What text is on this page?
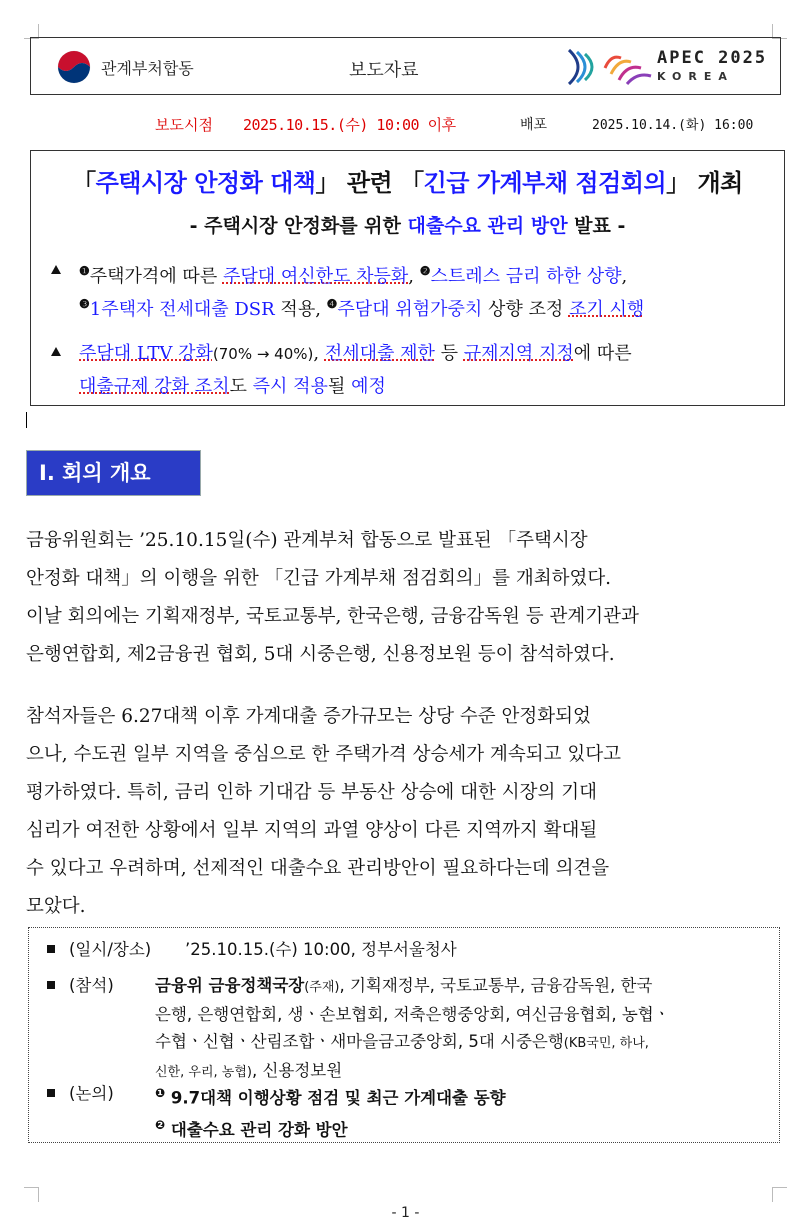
관계부처합동	보도자료
APEC 2025
KOREA
보도시점 2025.10.15.(수) 10:00 이후	배포	2025.10.14.(화) 16:00
「주택시장 안정화 대책」 관련 「긴급 가계부채 점검회의」 개최
- 주택시장 안정화를 위한 대출수요 관리 방안 발표 -
$^❶$주택가격에 따른 주담대 여신한도 차등화, $^❷$스트레스 금리 하한 상향,
$^❸$1주택자 전세대출 DSR 적용, $^❹$주담대 위험가중치 상향 조정 조기 시행
주담대 LTV 강화(70% → 40%), 전세대출 제한 등 규제지역 지정에 따른
대출규제 강화 조치도 즉시 적용될 예정
Ⅰ. 회의 개요
금융위원회는 ’25.10.15일(수) 관계부처 합동으로 발표된 「주택시장
안정화 대책」의 이행을 위한 「긴급 가계부채 점검회의」를 개최하였다.
이날 회의에는 기획재정부, 국토교통부, 한국은행, 금융감독원 등 관계기관과
은행연합회, 제2금융권 협회, 5대 시중은행, 신용정보원 등이 참석하였다.
참석자들은 6.27대책 이후 가계대출 증가규모는 상당 수준 안정화되었
으나, 수도권 일부 지역을 중심으로 한 주택가격 상승세가 계속되고 있다고
평가하였다. 특히, 금리 인하 기대감 등 부동산 상승에 대한 시장의 기대
심리가 여전한 상황에서 일부 지역의 과열 양상이 다른 지역까지 확대될
수 있다고 우려하며, 선제적인 대출수요 관리방안이 필요하다는데 의견을
모았다.
(일시/장소) ’25.10.15.(수) 10:00, 정부서울청사
(참석) 금융위 금융정책국장(주재), 기획재정부, 국토교통부, 금융감독원, 한국
은행, 은행연합회, 생ㆍ손보협회, 저축은행중앙회, 여신금융협회, 농협ㆍ
수협ㆍ신협ㆍ산림조합ㆍ새마을금고중앙회, 5대 시중은행(KB국민, 하나,
신한, 우리, 농협), 신용정보원
(논의)	$^❶$ 9.7대책 이행상황 점검 및 최근 가계대출 동향
$^❷$ 대출수요 관리 강화 방안
- 1 -
